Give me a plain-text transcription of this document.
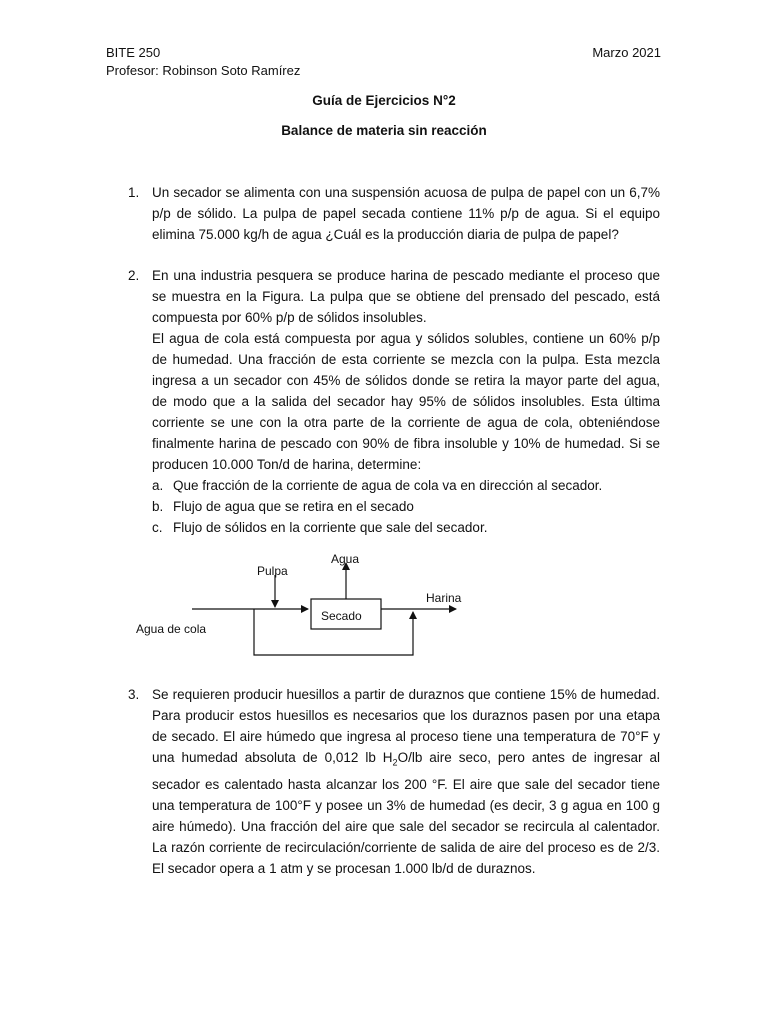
BITE 250
Profesor: Robinson Soto Ramírez
Marzo 2021
Guía de Ejercicios N°2
Balance de materia sin reacción
1. Un secador se alimenta con una suspensión acuosa de pulpa de papel con un 6,7% p/p de sólido. La pulpa de papel secada contiene 11% p/p de agua. Si el equipo elimina 75.000 kg/h de agua ¿Cuál es la producción diaria de pulpa de papel?

2. En una industria pesquera se produce harina de pescado mediante el proceso que se muestra en la Figura. La pulpa que se obtiene del prensado del pescado, está compuesta por 60% p/p de sólidos insolubles.

El agua de cola está compuesta por agua y sólidos solubles, contiene un 60% p/p de humedad. Una fracción de esta corriente se mezcla con la pulpa. Esta mezcla ingresa a un secador con 45% de sólidos donde se retira la mayor parte del agua, de modo que a la salida del secador hay 95% de sólidos insolubles. Esta última corriente se une con la otra parte de la corriente de agua de cola, obteniéndose finalmente harina de pescado con 90% de fibra insoluble y 10% de humedad. Si se producen 10.000 Ton/d de harina, determine:

a. Que fracción de la corriente de agua de cola va en dirección al secador.
b. Flujo de agua que se retira en el secado
c. Flujo de sólidos en la corriente que sale del secador.
Agua
Pulpa
Harina
Secado
Agua de cola
3. Se requieren producir huesillos a partir de duraznos que contiene 15% de humedad. Para producir estos huesillos es necesarios que los duraznos pasen por una etapa de secado. El aire húmedo que ingresa al proceso tiene una temperatura de 70°F y una humedad absoluta de 0,012 lb $H_2O/lb$ aire seco, pero antes de ingresar al secador es calentado hasta alcanzar los 200 °F. El aire que sale del secador tiene una temperatura de 100°F y posee un 3% de humedad (es decir, 3 g agua en 100 g aire húmedo). Una fracción del aire que sale del secador se recircula al calentador. La razón corriente de recirculación/corriente de salida de aire del proceso es de 2/3. El secador opera a 1 atm y se procesan 1.000 lb/d de duraznos.
